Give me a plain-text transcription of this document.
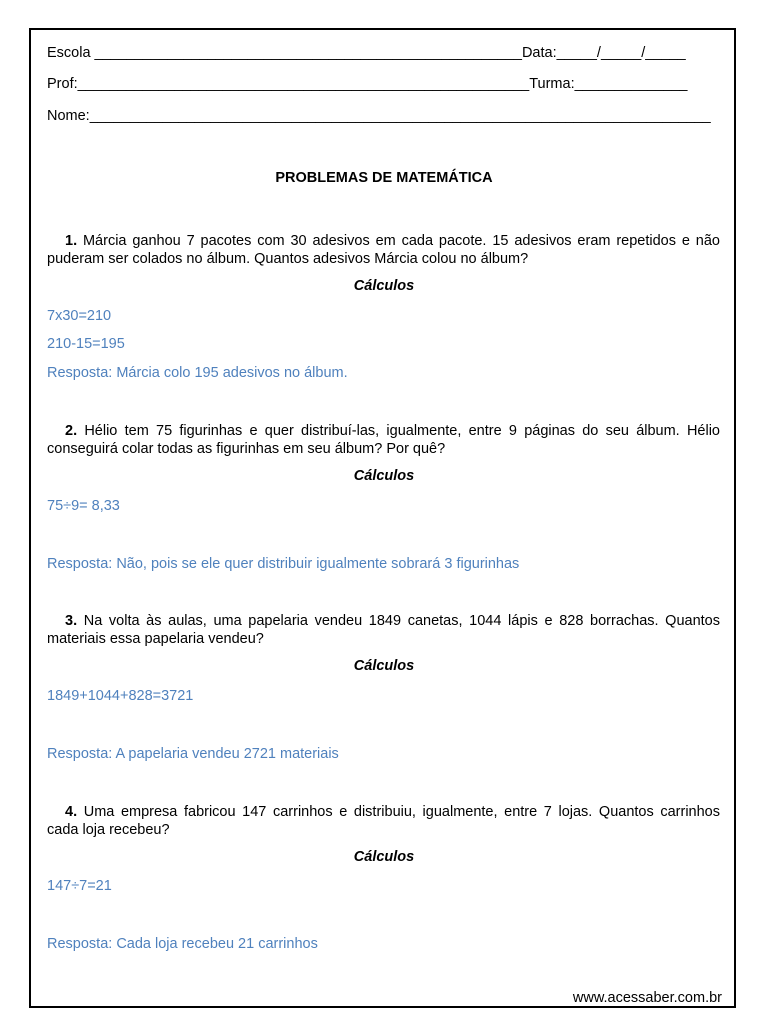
Escola _____________________________________________________Data:_____/_____/_____
Prof:________________________________________________________Turma:______________
Nome:_____________________________________________________________________________
PROBLEMAS DE MATEMÁTICA
1. Márcia ganhou 7 pacotes com 30 adesivos em cada pacote. 15 adesivos eram repetidos e não puderam ser colados no álbum. Quantos adesivos Márcia colou no álbum?
Cálculos
7x30=210
210-15=195
Resposta: Márcia colo 195 adesivos no álbum.
2. Hélio tem 75 figurinhas e quer distribuí-las, igualmente, entre 9 páginas do seu álbum. Hélio conseguirá colar todas as figurinhas em seu álbum? Por quê?
Cálculos
75÷9= 8,33
Resposta: Não, pois se ele quer distribuir igualmente sobrará 3 figurinhas
3. Na volta às aulas, uma papelaria vendeu 1849 canetas, 1044 lápis e 828 borrachas. Quantos materiais essa papelaria vendeu?
Cálculos
1849+1044+828=3721
Resposta: A papelaria vendeu 2721 materiais
4. Uma empresa fabricou 147 carrinhos e distribuiu, igualmente, entre 7 lojas. Quantos carrinhos cada loja recebeu?
Cálculos
147÷7=21
Resposta: Cada loja recebeu 21 carrinhos
www.acessaber.com.br
